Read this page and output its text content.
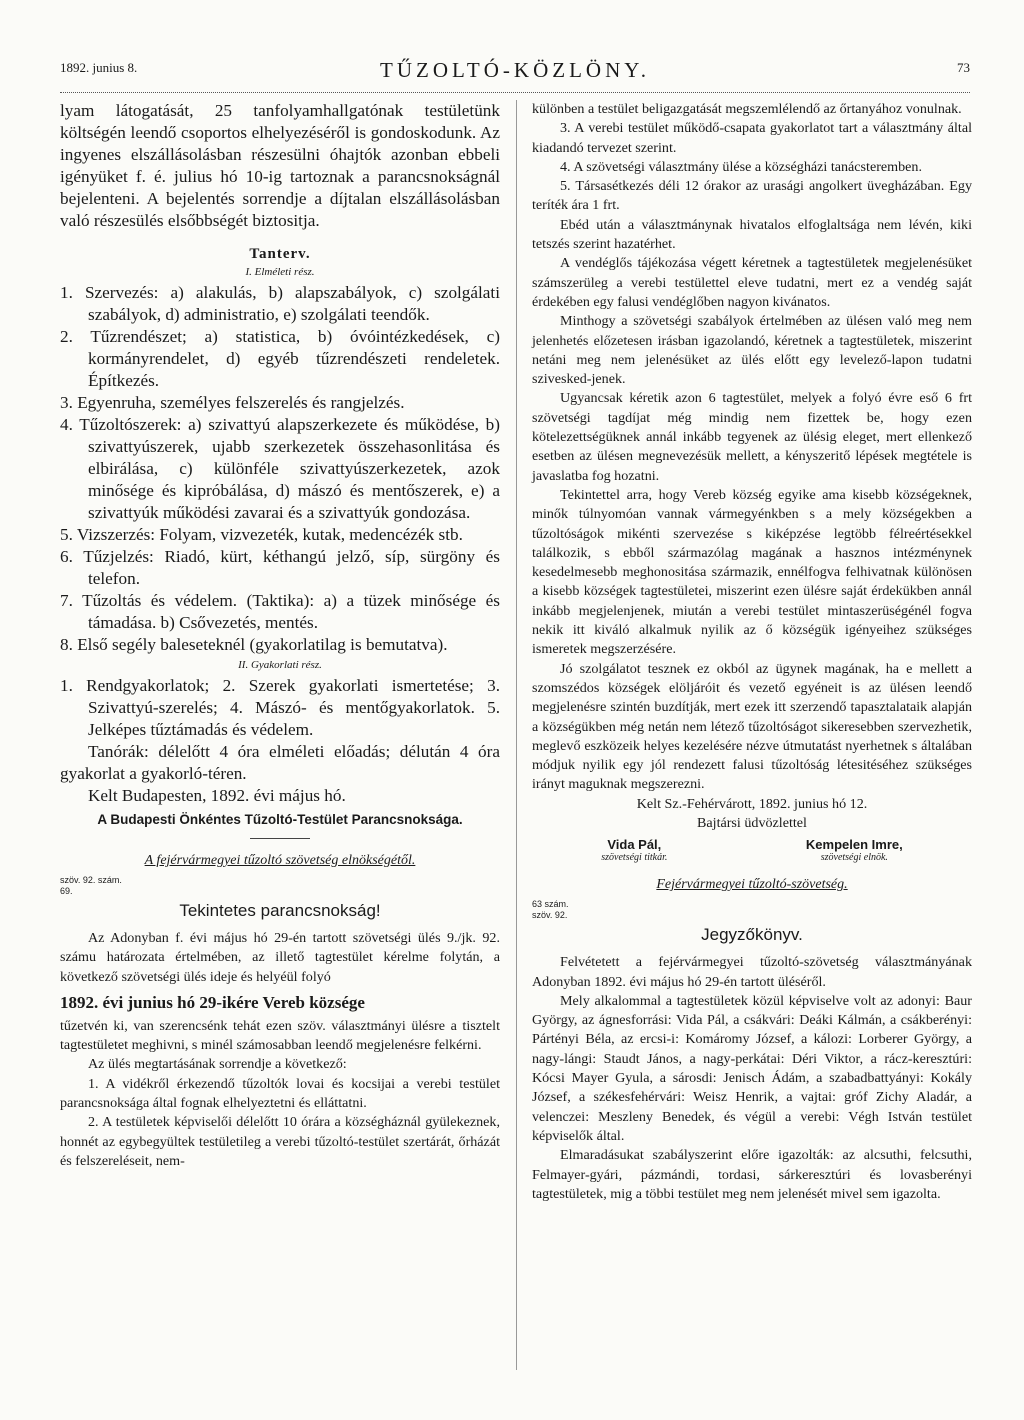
1892. junius 8.	TŰZOLTÓ-KÖZLÖNY.	73

lyam látogatását, 25 tanfolyamhallgatónak testületünk költségén leendő csoportos elhelyezéséről is gondoskodunk. Az ingyenes elszállásolásban részesülni óhajtók azonban ebbeli igényüket f. é. julius hó 10-ig tartoznak a parancsnokságnál bejelenteni. A bejelentés sorrendje a díjtalan elszállásolásban való részesülés elsőbbségét biztositja.

Tanterv.
I. Elméleti rész.

1. Szervezés: a) alakulás, b) alapszabályok, c) szolgálati szabályok, d) administratio, e) szolgálati teendők.

2. Tűzrendészet; a) statistica, b) óvóintézkedések, c) kormányrendelet, d) egyéb tűzrendészeti rendeletek. Építkezés.

3. Egyenruha, személyes felszerelés és rangjelzés.

4. Tűzoltószerek: a) szivattyú alapszerkezete és működése, b) szivattyúszerek, ujabb szerkezetek összehasonlitása és elbirálása, c) különféle szivattyúszerkezetek, azok minősége és kipróbálása, d) mászó és mentőszerek, e) a szivattyúk működési zavarai és a szivattyúk gondozása.

5. Vizszerzés: Folyam, vizvezeték, kutak, medencézék stb.

6. Tűzjelzés: Riadó, kürt, kéthangú jelző, síp, sürgöny és telefon.

7. Tűzoltás és védelem. (Taktika): a) a tüzek minősége és támadása. b) Csővezetés, mentés.

8. Első segély baleseteknél (gyakorlatilag is bemutatva).

II. Gyakorlati rész.

1. Rendgyakorlatok; 2. Szerek gyakorlati ismertetése; 3. Szivattyú-szerelés; 4. Mászó- és mentőgyakorlatok. 5. Jelképes tűztámadás és védelem.

Tanórák: délelőtt 4 óra elméleti előadás; délután 4 óra gyakorlat a gyakorló-téren.

Kelt Budapesten, 1892. évi május hó.

A Budapesti Önkéntes Tűzoltó-Testület Parancsnoksága.
A fejérvármegyei tűzoltó szövetség elnökségétől.
szöv. 92. szám.
69.
Tekintetes parancsnokság!

Az Adonyban f. évi május hó 29-én tartott szövetségi ülés 9./jk. 92. számu határozata értelmében, az illető tagtestület kérelme folytán, a következő szövetségi ülés ideje és helyéül folyó

1892. évi junius hó 29-ikére Vereb községe

tűzetvén ki, van szerencsénk tehát ezen szöv. választmányi ülésre a tisztelt tagtestületet meghivni, s minél számosabban leendő megjelenésre felkérni.

Az ülés megtartásának sorrendje a következő:

1. A vidékről érkezendő tűzoltók lovai és kocsijai a verebi testület parancsnoksága által fognak elhelyeztetni és elláttatni.

2. A testületek képviselői délelőtt 10 órára a községháznál gyülekeznek, honnét az egybegyültek testületileg a verebi tűzoltó-testület szertárát, őrházát és felszereléseit, nem-

különben a testület beligazgatását megszemlélendő az őrtanyához vonulnak.

3. A verebi testület működő-csapata gyakorlatot tart a választmány által kiadandó tervezet szerint.

4. A szövetségi választmány ülése a községházi tanácsteremben.

5. Társasétkezés déli 12 órakor az urasági angolkert üvegházában. Egy teríték ára 1 frt.

Ebéd után a választmánynak hivatalos elfoglaltsága nem lévén, kiki tetszés szerint hazatérhet.

A vendéglős tájékozása végett kéretnek a tagtestületek megjelenésüket számszerüleg a verebi testülettel eleve tudatni, mert ez a vendég saját érdekében egy falusi vendéglőben nagyon kivánatos.

Minthogy a szövetségi szabályok értelmében az ülésen való meg nem jelenhetés előzetesen irásban igazolandó, kéretnek a tagtestületek, miszerint netáni meg nem jelenésüket az ülés előtt egy levelező-lapon tudatni szivesked-jenek.

Ugyancsak kéretik azon 6 tagtestület, melyek a folyó évre eső 6 frt szövetségi tagdíjat még mindig nem fizettek be, hogy ezen kötelezettségüknek annál inkább tegyenek az ülésig eleget, mert ellenkező esetben az ülésen megnevezésük mellett, a kényszeritő lépések megtétele is javaslatba fog hozatni.

Tekintettel arra, hogy Vereb község egyike ama kisebb községeknek, minők túlnyomóan vannak vármegyénkben s a mely községekben a tűzoltóságok mikénti szervezése s kiképzése legtöbb félreértésekkel találkozik, s ebből származólag magának a hasznos intézménynek kesedelmesebb meghonositása származik, ennélfogva felhivatnak különösen a kisebb községek tagtestületei, miszerint ezen ülésre saját érdekükben annál inkább megjelenjenek, miután a verebi testület mintaszerüségénél fogva nekik itt kiváló alkalmuk nyilik az ő községük igényeihez szükséges ismeretek megszerzésére.

Jó szolgálatot tesznek ez okból az ügynek magának, ha e mellett a szomszédos községek elöljáróit és vezető egyéneit is az ülésen leendő megjelenésre szintén buzdítják, mert ezek itt szerzendő tapasztalataik alapján a községükben még netán nem létező tűzoltóságot sikeresebben szervezhetik, meglevő eszközeik helyes kezelésére nézve útmutatást nyerhetnek s általában módjuk nyilik egy jól rendezett falusi tűzoltóság létesitéséhez szükséges irányt maguknak megszerezni.

Kelt Sz.-Fehérvárott, 1892. junius hó 12.

Bajtársi üdvözlettel

Vida Pál,
szövetségi titkár.
Kempelen Imre,
szövetségi elnök.
Fejérvármegyei tűzoltó-szövetség.
63 szám.
szöv. 92.
Jegyzőkönyv.

Felvétetett a fejérvármegyei tűzoltó-szövetség választmányának Adonyban 1892. évi május hó 29-én tartott üléséről.

Mely alkalommal a tagtestületek közül képviselve volt az adonyi: Baur György, az ágnesforrási: Vida Pál, a csákvári: Deáki Kálmán, a csákberényi: Pártényi Béla, az ercsi-i: Komáromy József, a kálozi: Lorberer György, a nagy-lángi: Staudt János, a nagy-perkátai: Déri Viktor, a rácz-keresztúri: Kócsi Mayer Gyula, a sárosdi: Jenisch Ádám, a szabadbattyányi: Kokály József, a székesfehérvári: Weisz Henrik, a vajtai: gróf Zichy Aladár, a velenczei: Meszleny Benedek, és végül a verebi: Végh István testület képviselők által.

Elmaradásukat szabályszerint előre igazolták: az alcsuthi, felcsuthi, Felmayer-gyári, pázmándi, tordasi, sárkeresztúri és lovasberényi tagtestületek, mig a többi testület meg nem jelenését mivel sem igazolta.
